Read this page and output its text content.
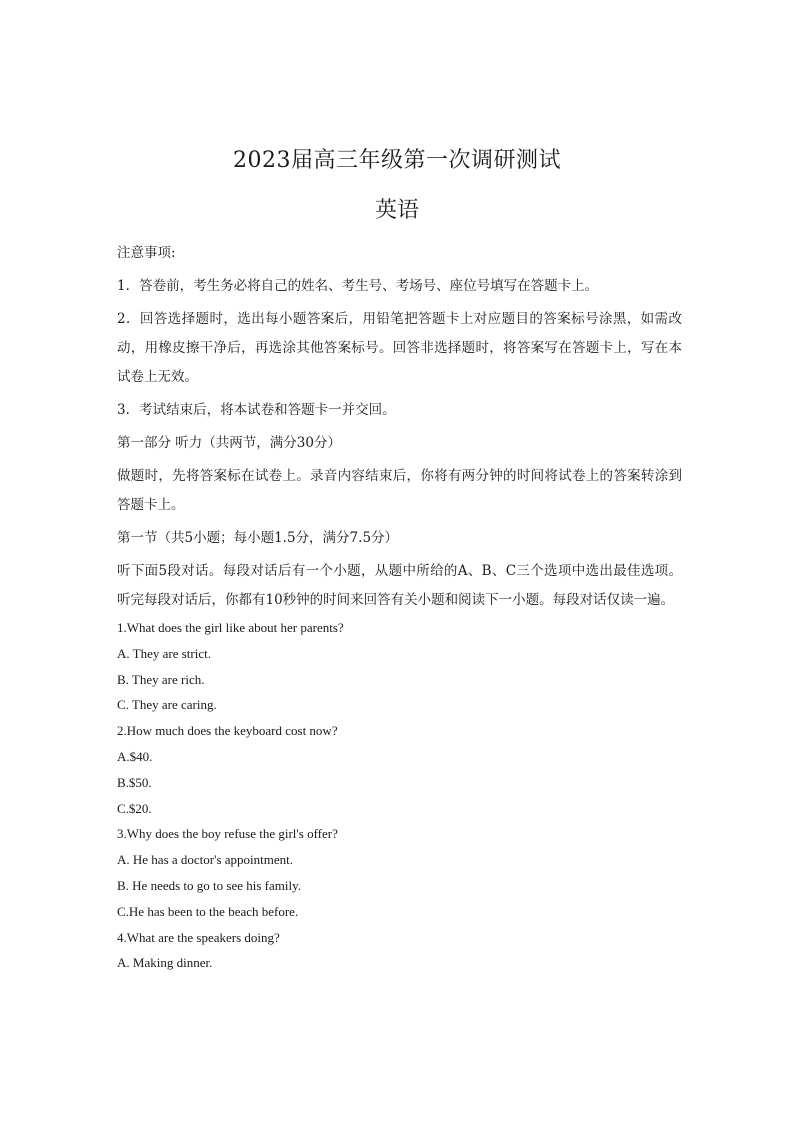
2023届高三年级第一次调研测试
英语

注意事项:

1．答卷前，考生务必将自己的姓名、考生号、考场号、座位号填写在答题卡上。

2．回答选择题时，选出每小题答案后，用铅笔把答题卡上对应题目的答案标号涂黑，如需改动，用橡皮擦干净后，再选涂其他答案标号。回答非选择题时，将答案写在答题卡上，写在本试卷上无效。

3．考试结束后，将本试卷和答题卡一并交回。

第一部分 听力（共两节，满分30分）

做题时，先将答案标在试卷上。录音内容结束后，你将有两分钟的时间将试卷上的答案转涂到答题卡上。

第一节（共5小题；每小题1.5分，满分7.5分）

听下面5段对话。每段对话后有一个小题，从题中所给的A、B、C三个选项中选出最佳选项。听完每段对话后，你都有10秒钟的时间来回答有关小题和阅读下一小题。每段对话仅读一遍。

1.What does the girl like about her parents?

A. They are strict.

B. They are rich.

C. They are caring.

2.How much does the keyboard cost now?

A.$40.

B.$50.

C.$20.

3.Why does the boy refuse the girl's offer?

A. He has a doctor's appointment.

B. He needs to go to see his family.

C.He has been to the beach before.

4.What are the speakers doing?

A. Making dinner.
